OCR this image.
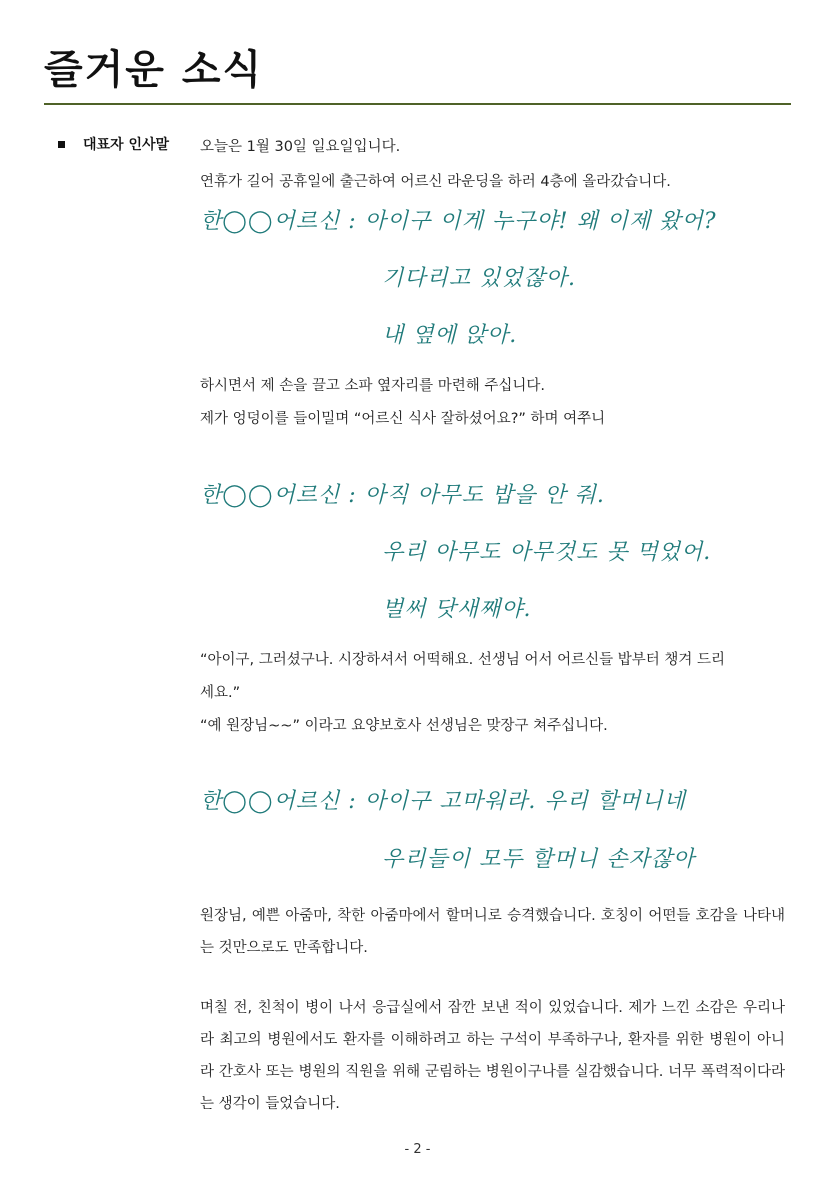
즐거운 소식
대표자 인사말 오늘은 1월 30일 일요일입니다.
연휴가 길어 공휴일에 출근하여 어르신 라운딩을 하러 4층에 올라갔습니다.
한◯◯어르신 : 아이구 이게 누구야! 왜 이제 왔어?
기다리고 있었잖아.
내 옆에 앉아.
하시면서 제 손을 끌고 소파 옆자리를 마련해 주십니다.
제가 엉덩이를 들이밀며 “어르신 식사 잘하셨어요?” 하며 여쭈니
한◯◯어르신 : 아직 아무도 밥을 안 줘.
우리 아무도 아무것도 못 먹었어.
벌써 닷새째야.
“아이구, 그러셨구나. 시장하셔서 어떡해요. 선생님 어서 어르신들 밥부터 챙겨 드리
세요.”
“예 원장님~~” 이라고 요양보호사 선생님은 맞장구 쳐주십니다.
한◯◯어르신 : 아이구 고마워라. 우리 할머니네
우리들이 모두 할머니 손자잖아
원장님, 예쁜 아줌마, 착한 아줌마에서 할머니로 승격했습니다. 호칭이 어떤들 호감을 나타내는 것만으로도 만족합니다.
며칠 전, 친척이 병이 나서 응급실에서 잠깐 보낸 적이 있었습니다. 제가 느낀 소감은 우리나라 최고의 병원에서도 환자를 이해하려고 하는 구석이 부족하구나, 환자를 위한 병원이 아니라 간호사 또는 병원의 직원을 위해 군림하는 병원이구나를 실감했습니다. 너무 폭력적이다라는 생각이 들었습니다.
- 2 -
